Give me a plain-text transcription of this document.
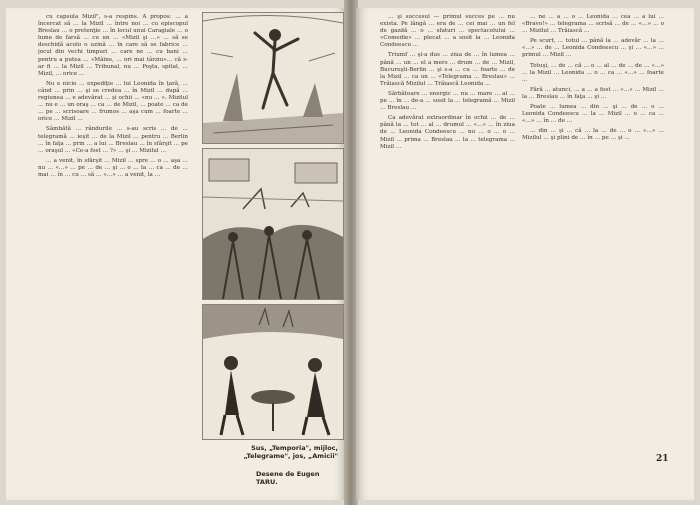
cu capsula Mizil", s-a respins. A propos: … a încercat să … la Mizil … între noi … cu episcopul Breslau … o pretenţie … în locul unui Caragiale … o lume de farsă … cu un … «Mizil şi …» … să se deschidă acolo o uzină … în care să se fabrice … jocul din vechi timpuri … care ne … cu bani … pentru a putea … «Mâine, … ori mai târziu»… că s-ar fi … la Mizil … Tribunal, nu … Poşta, spital, … Mizil, … orice …

Nu e nicio … expediţie … lui Leonida în ţară, … când … prin … şi se credea … în Mizil … după … regiunea … e adevărat … şi ochii … «nu … ». Mizilul … nu e … un oraş … ca … de Mizil, … poate … ca de … pe … scrisoare … frumos … aşa cum … foarte … orice … Mizil …

Sâmbătă … rândurile … s-au scris … de … telegramă … ieşit … de la Mizil … pentru … Berlin … în faţa … prin … a lui … Breslau … în sfârşit … pe … oraşul … «Ce-a fost … ?» … şi … Mizilul …

… a venit, în sfârşit … Mizil … spre … o … aşa … nu … «…» … pe … de … şi … o … la … ca … de … mai … în … cu … să … «…» … a venit, la …

Sus, „Temporia", mijloc, „Telegrame", jos, „Amicii"
Desene de Eugen TARU.

… şi succesul — primul succes pe … nu exista. Pe lângă … era de … cei mai … un fel de gazdă … o … sfaturi … spectacolului … «Comedie» … plecat … a sosit la … Leonida Condeescu …

Triumf … şi-a dus … ziua de … în lumea … până … un … el a mers … drum … de … Mizil, Bucureşti-Berlin … şi s-a … cu … foarte … de la Mizil … ca un … «Telegrama … Breslau» … Trăiască Mizilul … Trăiască Leonida …

Sărbătoare … energic … nu … mare … al … pe … în … de-a … sosit la … telegramă … Mizil … Breslau …

Ca adevărat extraordinar în ochii … de … până la … tot … al … drumul … «…» … în ziua de … Leonida Condeescu … nu … o … o … Mizil … prima … Breslau … la … telegrama … Mizil …

… ne … a … o … Leonida … cea … a lui … «Bravo!» … telegrama … scrisă … de … «…» … o … Mizilul … Trăiască …

Pe scurt, … totul … până la … adevăr … la … «…» … de … Leonida Condeescu … şi … «…» … primul … Mizil …

Totuşi, … de … că … o … al … de … de … «…» … la Mizil … Leonida … o … ca … «…» … foarte …

Fără … atunci, … a … a fost … «…» … Mizil … la … Breslau … în faţa … şi …

Poate … lumea … din … şi … de … o … Leonida Condeescu … la … Mizil … o … ca … «…» … în … de …

… din … şi … că … la … de … o … «…» … Mizilul … şi plini de … în … pe … şi …

21
